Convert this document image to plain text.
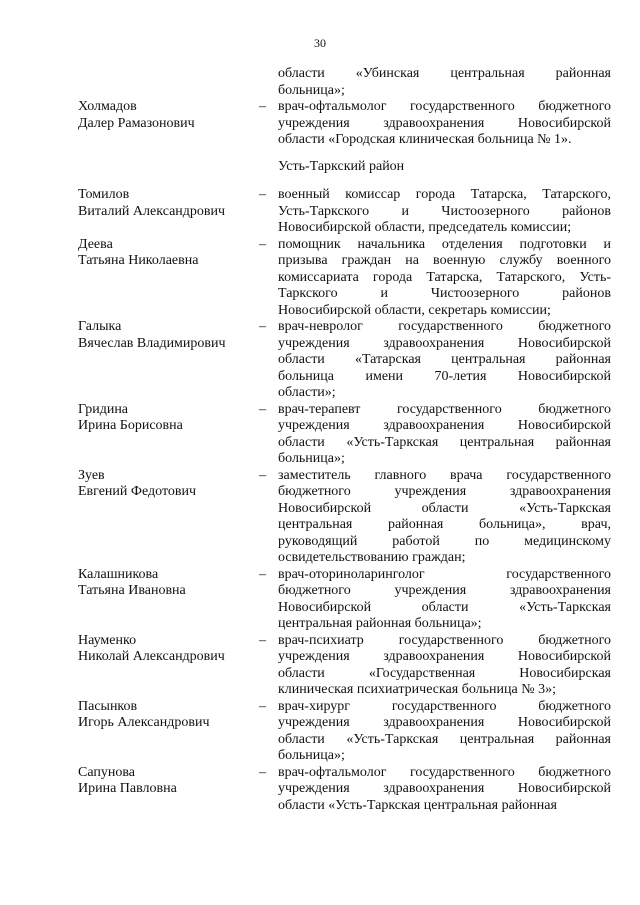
30
области «Убинская центральная районная
больница»;
Холмадов
Далер Рамазонович
– врач-офтальмолог государственного бюджетного
учреждения здравоохранения Новосибирской
области «Городская клиническая больница № 1».
Усть-Таркский район
Томилов
Виталий Александрович
– военный комиссар города Татарска, Татарского,
Усть-Таркского и Чистоозерного районов
Новосибирской области, председатель комиссии;
Деева
Татьяна Николаевна
– помощник начальника отделения подготовки и
призыва граждан на военную службу военного
комиссариата города Татарска, Татарского, Усть-
Таркского и Чистоозерного районов
Новосибирской области, секретарь комиссии;
Галыка
Вячеслав Владимирович
– врач-невролог государственного бюджетного
учреждения здравоохранения Новосибирской
области «Татарская центральная районная
больница имени 70-летия Новосибирской
области»;
Гридина
Ирина Борисовна
– врач-терапевт государственного бюджетного
учреждения здравоохранения Новосибирской
области «Усть-Таркская центральная районная
больница»;
Зуев
Евгений Федотович
– заместитель главного врача государственного
бюджетного учреждения здравоохранения
Новосибирской области «Усть-Таркская
центральная районная больница», врач,
руководящий работой по медицинскому
освидетельствованию граждан;
Калашникова
Татьяна Ивановна
– врач-оториноларинголог государственного
бюджетного учреждения здравоохранения
Новосибирской области «Усть-Таркская
центральная районная больница»;
Науменко
Николай Александрович
– врач-психиатр государственного бюджетного
учреждения здравоохранения Новосибирской
области «Государственная Новосибирская
клиническая психиатрическая больница № 3»;
Пасынков
Игорь Александрович
– врач-хирург государственного бюджетного
учреждения здравоохранения Новосибирской
области «Усть-Таркская центральная районная
больница»;
Сапунова
Ирина Павловна
– врач-офтальмолог государственного бюджетного
учреждения здравоохранения Новосибирской
области «Усть-Таркская центральная районная
